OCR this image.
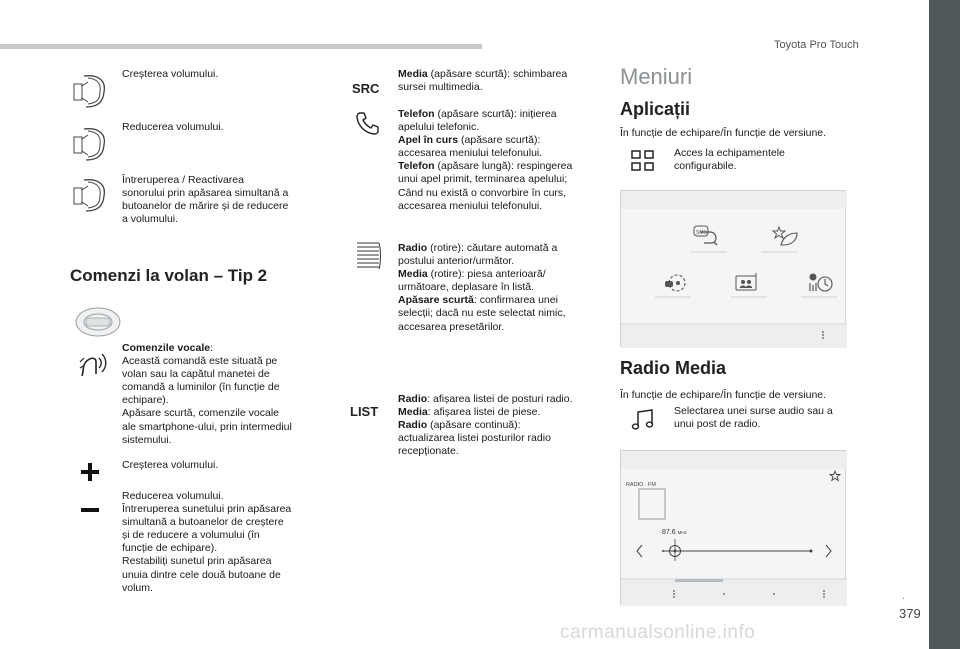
Toyota Pro Touch
.
379
carmanualsonline.info
Creșterea volumului.
Reducerea volumului.
Întreruperea / Reactivarea
sonorului prin apăsarea simultană a
butoanelor de mărire și de reducere
a volumului.
Comenzi la volan – Tip 2
Comenzile vocale:
Această comandă este situată pe
volan sau la capătul manetei de
comandă a luminilor (în funcție de
echipare).
Apăsare scurtă, comenzile vocale
ale smartphone-ului, prin intermediul
sistemului.
Creșterea volumului.
Reducerea volumului.
Întreruperea sunetului prin apăsarea
simultană a butoanelor de creștere
și de reducere a volumului (în
funcție de echipare).
Restabiliți sunetul prin apăsarea
unuia dintre cele două butoane de
volum.
SRC
Media (apăsare scurtă): schimbarea
sursei multimedia.
Telefon (apăsare scurtă): inițierea
apelului telefonic.
Apel în curs (apăsare scurtă):
accesarea meniului telefonului.
Telefon (apăsare lungă): respingerea
unui apel primit, terminarea apelului;
Când nu există o convorbire în curs,
accesarea meniului telefonului.
Radio (rotire): căutare automată a
postului anterior/următor.
Media (rotire): piesa anterioară/
următoare, deplasare în listă.
Apăsare scurtă: confirmarea unei
selecții; dacă nu este selectat nimic,
accesarea presetărilor.
LIST
Radio: afișarea listei de posturi radio.
Media: afișarea listei de piese.
Radio (apăsare continuă):
actualizarea listei posturilor radio
recepționate.
Meniuri
Aplicații
În funcție de echipare/În funcție de versiune.
Acces la echipamentele
configurabile.
SMS
Radio Media
În funcție de echipare/În funcție de versiune.
Selectarea unei surse audio sau a
unui post de radio.
RADIO . FM
87.6 MHz
